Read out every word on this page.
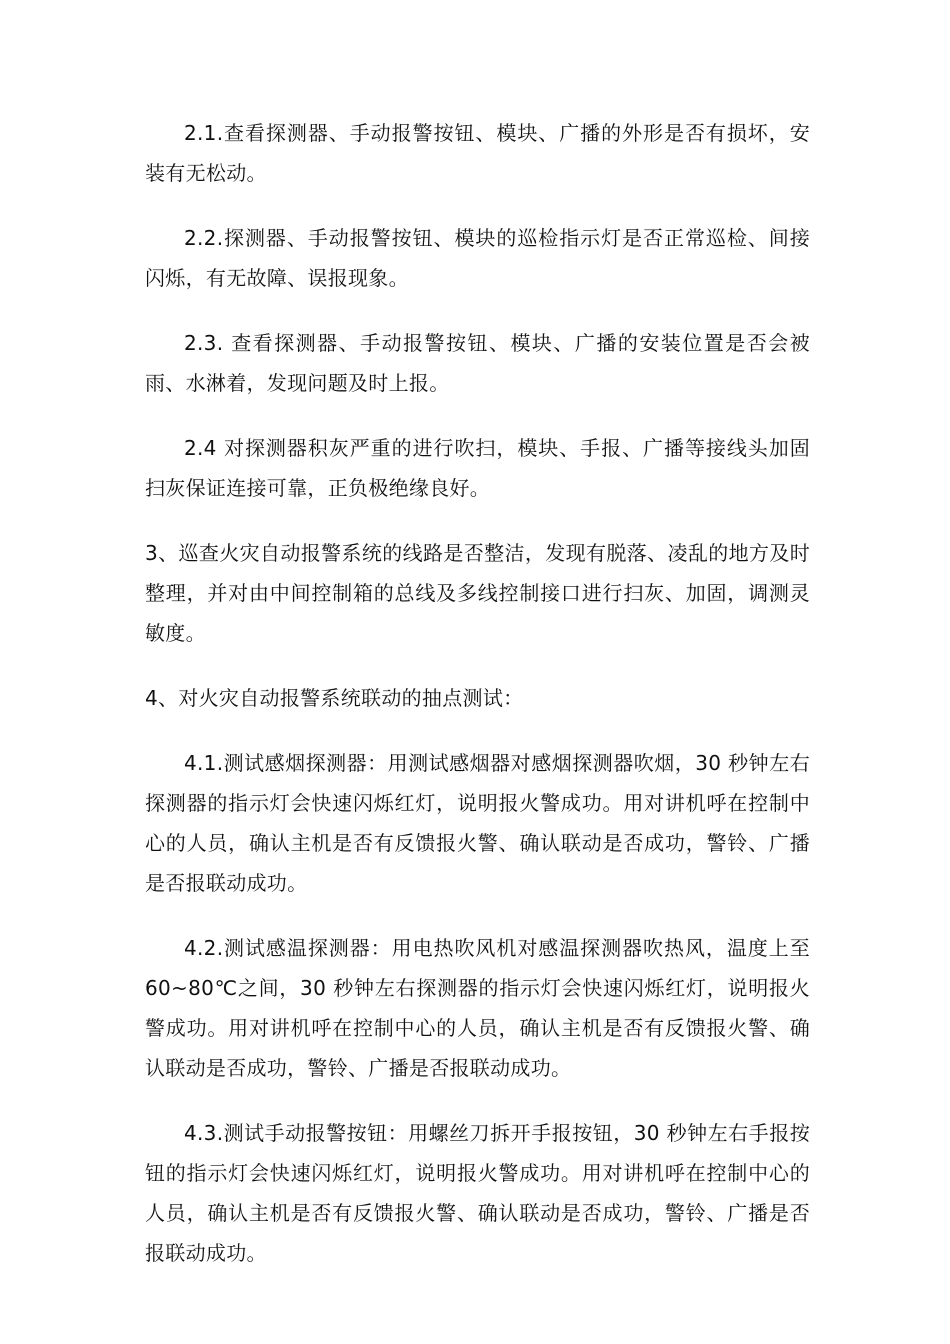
2.1.查看探测器、手动报警按钮、模块、广播的外形是否有损坏，安装有无松动。

2.2.探测器、手动报警按钮、模块的巡检指示灯是否正常巡检、间接闪烁，有无故障、误报现象。

2.3. 查看探测器、手动报警按钮、模块、广播的安装位置是否会被雨、水淋着，发现问题及时上报。

2.4 对探测器积灰严重的进行吹扫，模块、手报、广播等接线头加固扫灰保证连接可靠，正负极绝缘良好。

3、巡查火灾自动报警系统的线路是否整洁，发现有脱落、凌乱的地方及时整理，并对由中间控制箱的总线及多线控制接口进行扫灰、加固，调测灵敏度。

4、对火灾自动报警系统联动的抽点测试：

4.1.测试感烟探测器：用测试感烟器对感烟探测器吹烟，30 秒钟左右探测器的指示灯会快速闪烁红灯，说明报火警成功。用对讲机呼在控制中心的人员，确认主机是否有反馈报火警、确认联动是否成功，警铃、广播是否报联动成功。

4.2.测试感温探测器：用电热吹风机对感温探测器吹热风，温度上至 60~80℃之间，30 秒钟左右探测器的指示灯会快速闪烁红灯，说明报火警成功。用对讲机呼在控制中心的人员，确认主机是否有反馈报火警、确认联动是否成功，警铃、广播是否报联动成功。

4.3.测试手动报警按钮：用螺丝刀拆开手报按钮，30 秒钟左右手报按钮的指示灯会快速闪烁红灯，说明报火警成功。用对讲机呼在控制中心的人员，确认主机是否有反馈报火警、确认联动是否成功，警铃、广播是否报联动成功。
